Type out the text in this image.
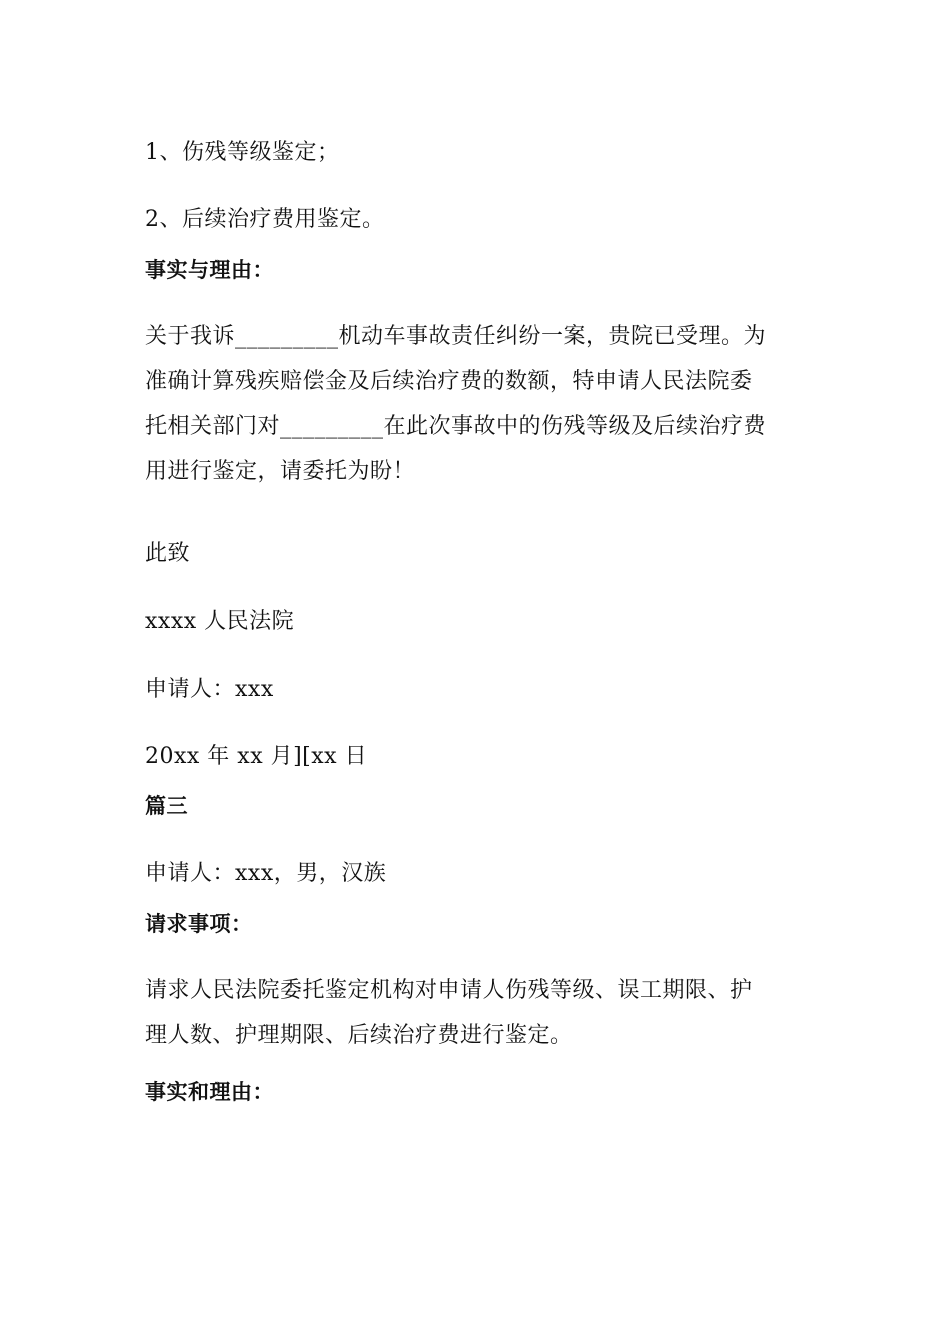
1、伤残等级鉴定；
2、后续治疗费用鉴定。
事实与理由：
关于我诉_________机动车事故责任纠纷一案，贵院已受理。为
准确计算残疾赔偿金及后续治疗费的数额，特申请人民法院委
托相关部门对_________在此次事故中的伤残等级及后续治疗费
用进行鉴定，请委托为盼！
此致
xxxx 人民法院
申请人：xxx
20xx 年 xx 月][xx 日
篇三
申请人：xxx，男，汉族
请求事项：
请求人民法院委托鉴定机构对申请人伤残等级、误工期限、护
理人数、护理期限、后续治疗费进行鉴定。
事实和理由：
